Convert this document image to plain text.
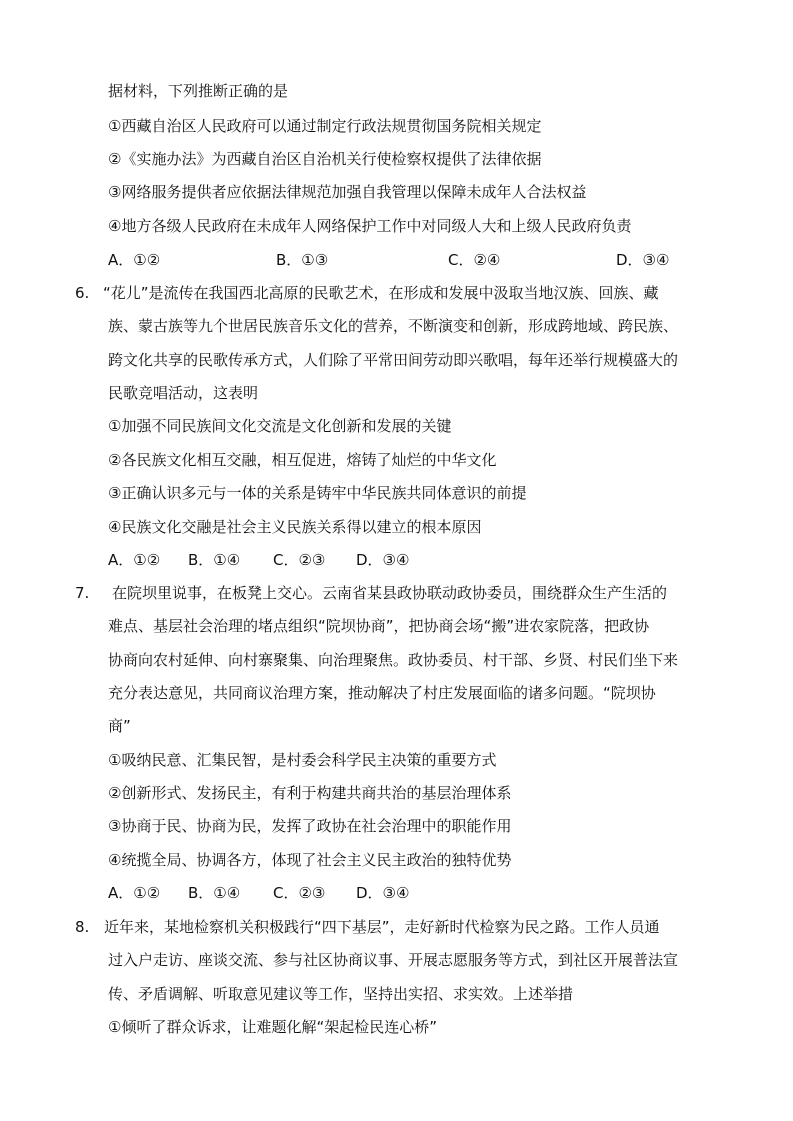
据材料，下列推断正确的是
①西藏自治区人民政府可以通过制定行政法规贯彻国务院相关规定
②《实施办法》为西藏自治区自治机关行使检察权提供了法律依据
③网络服务提供者应依据法律规范加强自我管理以保障未成年人合法权益
④地方各级人民政府在未成年人网络保护工作中对同级人大和上级人民政府负责
A．①②	B．①③	C．②④	D．③④
6. “花儿”是流传在我国西北高原的民歌艺术，在形成和发展中汲取当地汉族、回族、藏
族、蒙古族等九个世居民族音乐文化的营养，不断演变和创新，形成跨地域、跨民族、
跨文化共享的民歌传承方式，人们除了平常田间劳动即兴歌唱，每年还举行规模盛大的
民歌竞唱活动，这表明
①加强不同民族间文化交流是文化创新和发展的关键
②各民族文化相互交融，相互促进，熔铸了灿烂的中华文化
③正确认识多元与一体的关系是铸牢中华民族共同体意识的前提
④民族文化交融是社会主义民族关系得以建立的根本原因
A．①② B．①④ C．②③ D．③④
7. 在院坝里说事，在板凳上交心。云南省某县政协联动政协委员，围绕群众生产生活的
难点、基层社会治理的堵点组织“院坝协商”，把协商会场“搬”进农家院落，把政协
协商向农村延伸、向村寨聚集、向治理聚焦。政协委员、村干部、乡贤、村民们坐下来
充分表达意见，共同商议治理方案，推动解决了村庄发展面临的诸多问题。“院坝协
商”
①吸纳民意、汇集民智，是村委会科学民主决策的重要方式
②创新形式、发扬民主，有利于构建共商共治的基层治理体系
③协商于民、协商为民，发挥了政协在社会治理中的职能作用
④统揽全局、协调各方，体现了社会主义民主政治的独特优势
A．①② B．①④ C．②③ D．③④
8. 近年来，某地检察机关积极践行“四下基层”，走好新时代检察为民之路。工作人员通
过入户走访、座谈交流、参与社区协商议事、开展志愿服务等方式，到社区开展普法宣
传、矛盾调解、听取意见建议等工作，坚持出实招、求实效。上述举措
①倾听了群众诉求，让难题化解“架起检民连心桥”
